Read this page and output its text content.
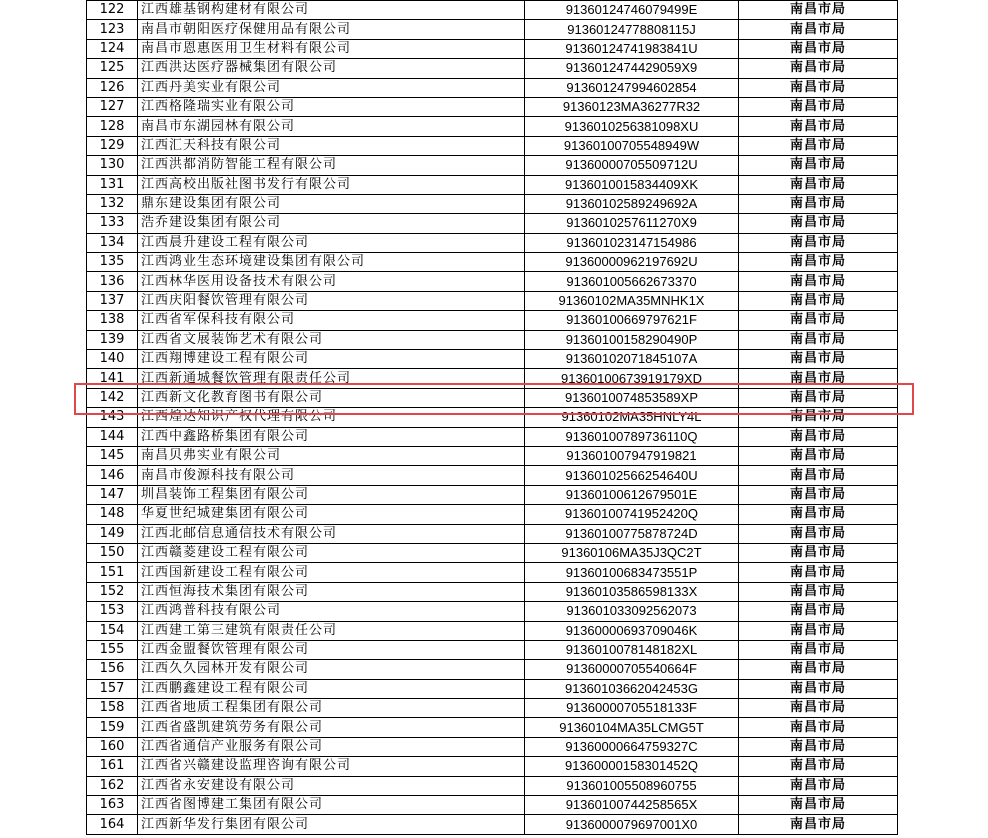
122	江西雄基钢构建材有限公司	91360124746079499E	南昌市局
123	南昌市朝阳医疗保健用品有限公司	91360124778808115J	南昌市局
124	南昌市恩惠医用卫生材料有限公司	91360124741983841U	南昌市局
125	江西洪达医疗器械集团有限公司	9136012474429059X9	南昌市局
126	江西丹美实业有限公司	913601247994602854	南昌市局
127	江西格隆瑞实业有限公司	91360123MA36277R32	南昌市局
128	南昌市东湖园林有限公司	9136010256381098XU	南昌市局
129	江西汇天科技有限公司	91360100705548949W	南昌市局
130	江西洪都消防智能工程有限公司	91360000705509712U	南昌市局
131	江西高校出版社图书发行有限公司	9136010015834409XK	南昌市局
132	鼎东建设集团有限公司	91360102589249692A	南昌市局
133	浩乔建设集团有限公司	9136010257611270X9	南昌市局
134	江西晨升建设工程有限公司	913601023147154986	南昌市局
135	江西鸿业生态环境建设集团有限公司	91360000962197692U	南昌市局
136	江西林华医用设备技术有限公司	913601005662673370	南昌市局
137	江西庆阳餐饮管理有限公司	91360102MA35MNHK1X	南昌市局
138	江西省军保科技有限公司	91360100669797621F	南昌市局
139	江西省文展装饰艺术有限公司	91360100158290490P	南昌市局
140	江西翔博建设工程有限公司	91360102071845107A	南昌市局
141	江西新通城餐饮管理有限责任公司	91360100673919179XD	南昌市局
142	江西新文化教育图书有限公司	9136010074853589XP	南昌市局
143	江西煌达知识产权代理有限公司	91360102MA35HNLY4L	南昌市局
144	江西中鑫路桥集团有限公司	91360100789736110Q	南昌市局
145	南昌贝弗实业有限公司	913601007947919821	南昌市局
146	南昌市俊源科技有限公司	91360102566254640U	南昌市局
147	圳昌装饰工程集团有限公司	91360100612679501E	南昌市局
148	华夏世纪城建集团有限公司	91360100741952420Q	南昌市局
149	江西北邮信息通信技术有限公司	91360100775878724D	南昌市局
150	江西赣菱建设工程有限公司	91360106MA35J3QC2T	南昌市局
151	江西国新建设工程有限公司	91360100683473551P	南昌市局
152	江西恒海技术集团有限公司	91360103586598133X	南昌市局
153	江西鸿普科技有限公司	913601033092562073	南昌市局
154	江西建工第三建筑有限责任公司	91360000693709046K	南昌市局
155	江西金盟餐饮管理有限公司	9136010078148182XL	南昌市局
156	江西久久园林开发有限公司	91360000705540664F	南昌市局
157	江西鹏鑫建设工程有限公司	91360103662042453G	南昌市局
158	江西省地质工程集团有限公司	91360000705518133F	南昌市局
159	江西省盛凯建筑劳务有限公司	91360104MA35LCMG5T	南昌市局
160	江西省通信产业服务有限公司	91360000664759327C	南昌市局
161	江西省兴赣建设监理咨询有限公司	91360000158301452Q	南昌市局
162	江西省永安建设有限公司	913601005508960755	南昌市局
163	江西省图博建工集团有限公司	91360100744258565X	南昌市局
164	江西新华发行集团有限公司	9136000079697001X0	南昌市局
